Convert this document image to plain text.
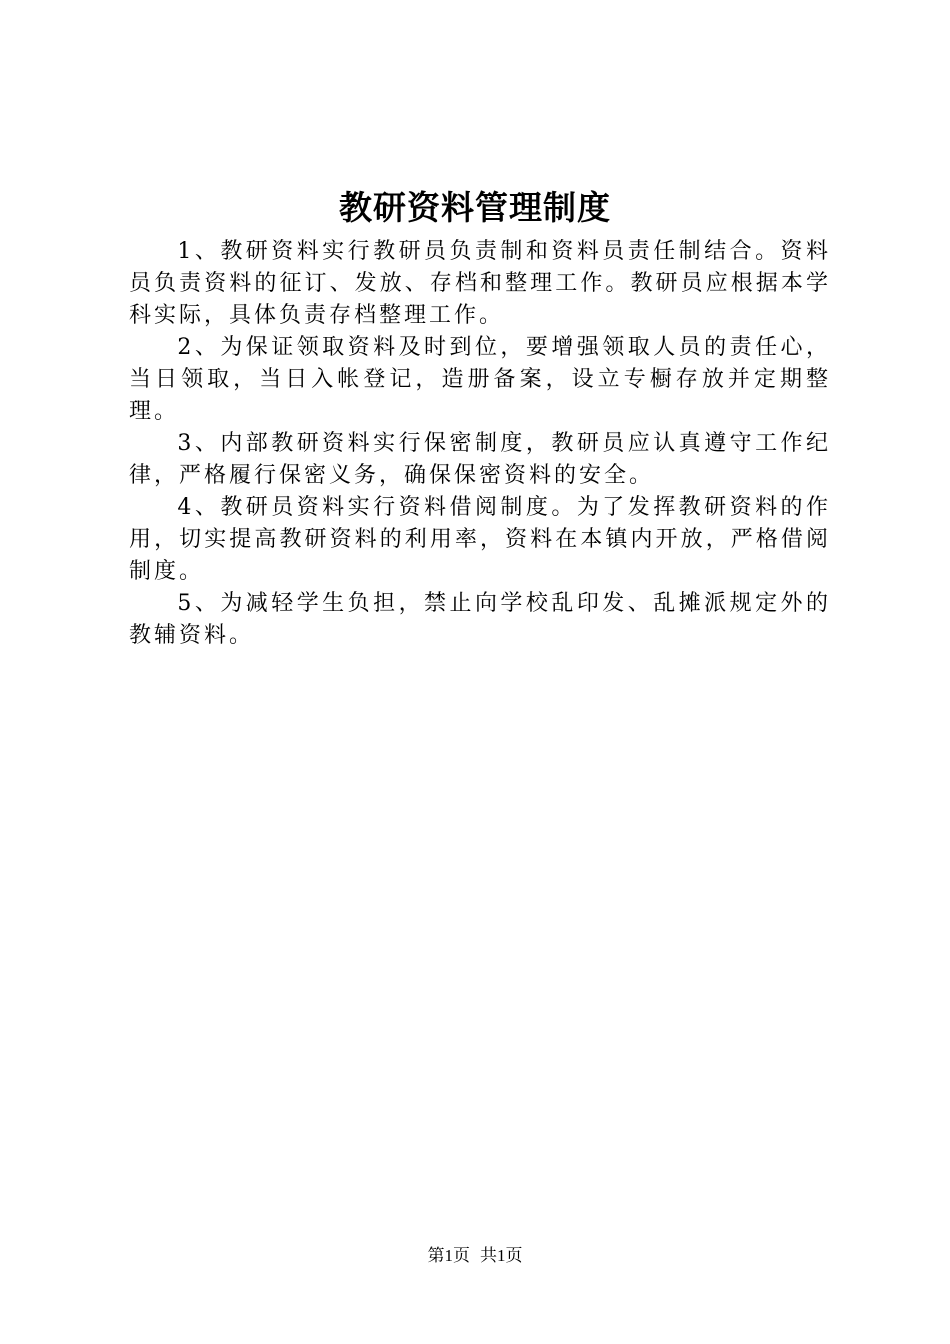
教研资料管理制度

1、教研资料实行教研员负责制和资料员责任制结合。资料员负责资料的征订、发放、存档和整理工作。教研员应根据本学科实际，具体负责存档整理工作。

2、为保证领取资料及时到位，要增强领取人员的责任心，当日领取，当日入帐登记，造册备案，设立专橱存放并定期整理。

3、内部教研资料实行保密制度，教研员应认真遵守工作纪律，严格履行保密义务，确保保密资料的安全。

4、教研员资料实行资料借阅制度。为了发挥教研资料的作用，切实提高教研资料的利用率，资料在本镇内开放，严格借阅制度。

5、为减轻学生负担，禁止向学校乱印发、乱摊派规定外的教辅资料。

第1页 共1页
